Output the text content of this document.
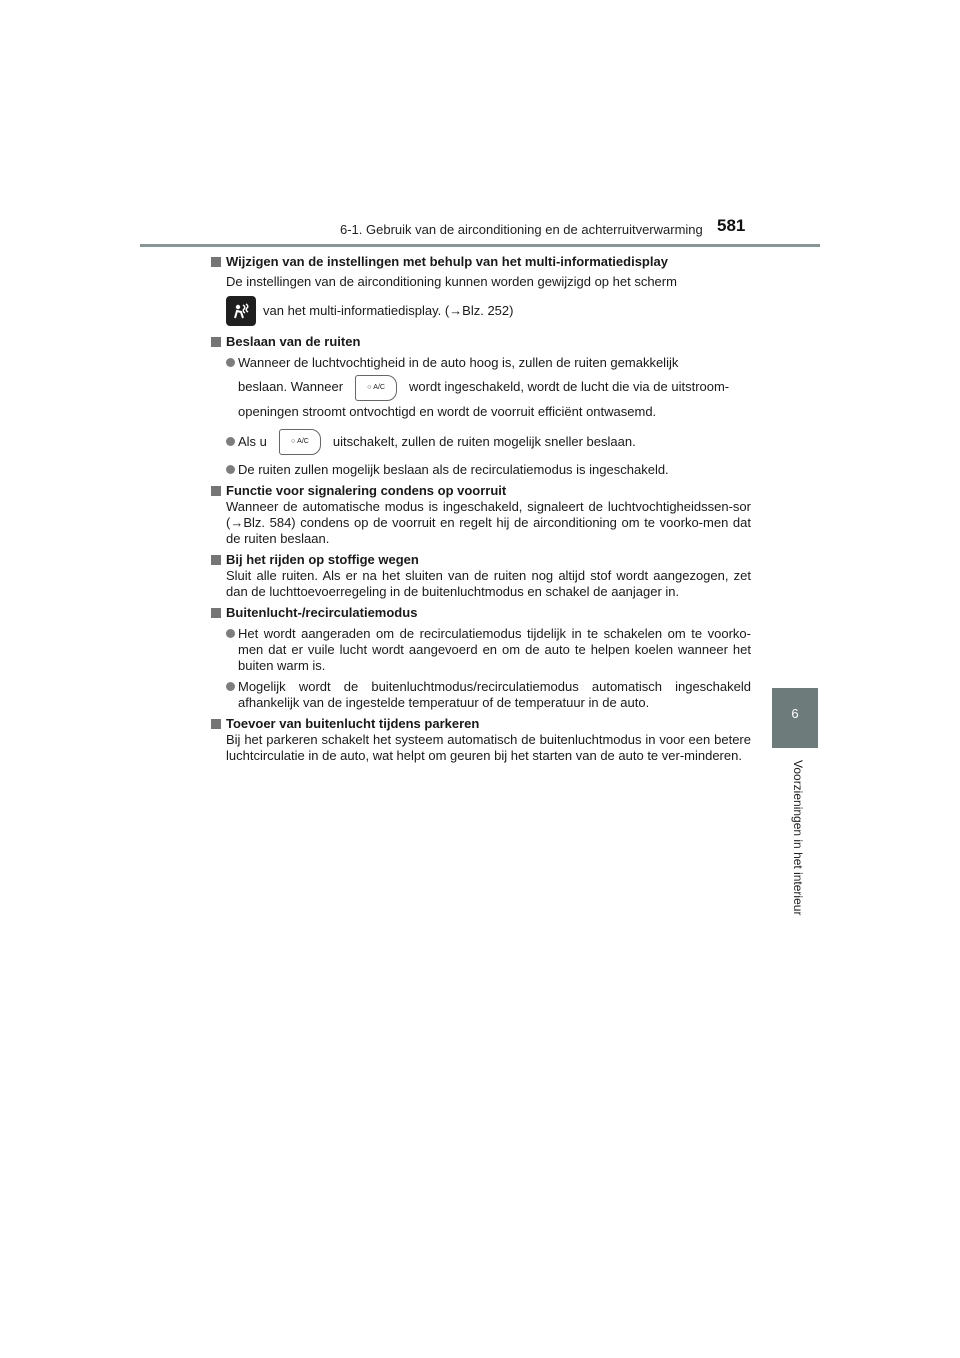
6-1. Gebruik van de airconditioning en de achterruitverwarming 581
6
Voorzieningen in het interieur
Wijzigen van de instellingen met behulp van het multi-informatiedisplay
De instellingen van de airconditioning kunnen worden gewijzigd op het scherm
van het multi-informatiedisplay. (→Blz. 252)
Beslaan van de ruiten
Wanneer de luchtvochtigheid in de auto hoog is, zullen de ruiten gemakkelijk
beslaan. Wanneer	○ A/C wordt ingeschakeld, wordt de lucht die via de uitstroom-
openingen stroomt ontvochtigd en wordt de voorruit efficiënt ontwasemd.
Als u	○ A/C uitschakelt, zullen de ruiten mogelijk sneller beslaan.
De ruiten zullen mogelijk beslaan als de recirculatiemodus is ingeschakeld.
Functie voor signalering condens op voorruit
Wanneer de automatische modus is ingeschakeld, signaleert de luchtvochtigheidssen-sor (→Blz. 584) condens op de voorruit en regelt hij de airconditioning om te voorko-men dat de ruiten beslaan.
Bij het rijden op stoffige wegen
Sluit alle ruiten. Als er na het sluiten van de ruiten nog altijd stof wordt aangezogen, zet dan de luchttoevoerregeling in de buitenluchtmodus en schakel de aanjager in.
Buitenlucht-/recirculatiemodus
Het wordt aangeraden om de recirculatiemodus tijdelijk in te schakelen om te voorko-men dat er vuile lucht wordt aangevoerd en om de auto te helpen koelen wanneer het buiten warm is.
Mogelijk wordt de buitenluchtmodus/recirculatiemodus automatisch ingeschakeld afhankelijk van de ingestelde temperatuur of de temperatuur in de auto.
Toevoer van buitenlucht tijdens parkeren
Bij het parkeren schakelt het systeem automatisch de buitenluchtmodus in voor een betere luchtcirculatie in de auto, wat helpt om geuren bij het starten van de auto te ver-minderen.
